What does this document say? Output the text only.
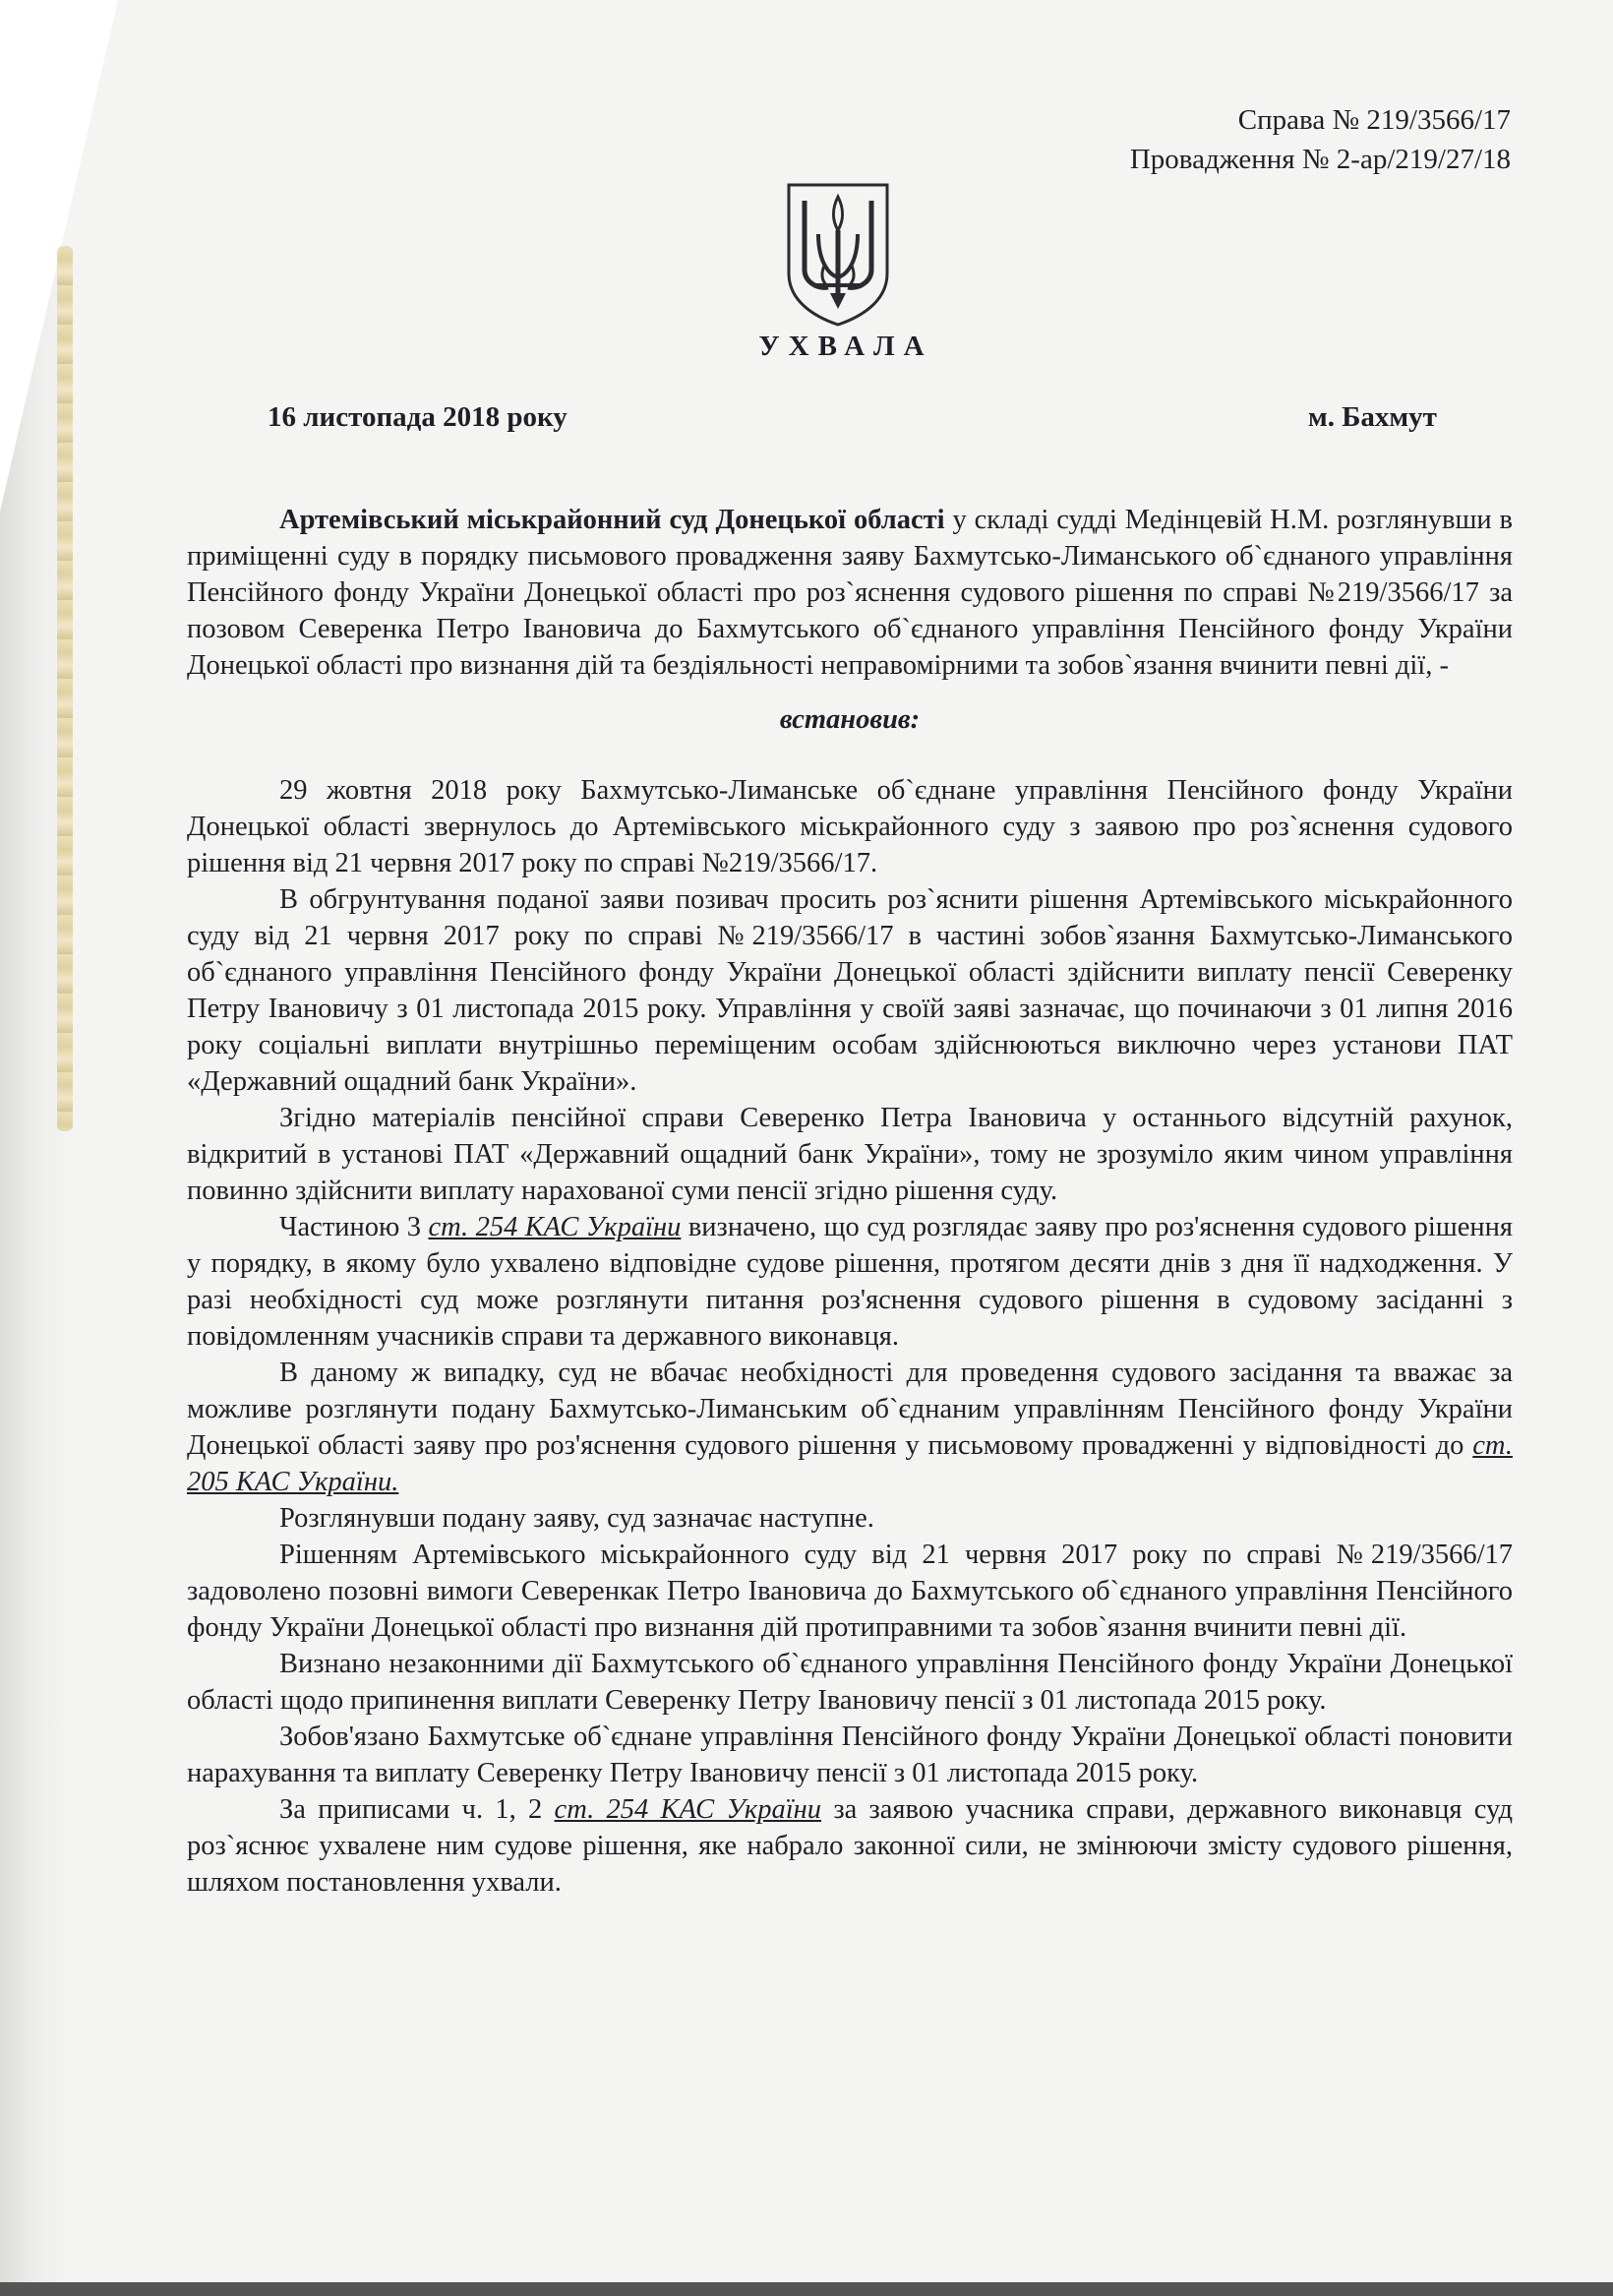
Справа № 219/3566/17
Провадження № 2-ар/219/27/18
УХВАЛА
16 листопада 2018 року	м. Бахмут

Артемівський міськрайонний суд Донецької області у складі судді Медінцевій Н.М. розглянувши в приміщенні суду в порядку письмового провадження заяву Бахмутсько-Лиманського об`єднаного управління Пенсійного фонду України Донецької області про роз`яснення судового рішення по справі №219/3566/17 за позовом Северенка Петро Івановича до Бахмутського об`єднаного управління Пенсійного фонду України Донецької області про визнання дій та бездіяльності неправомірними та зобов`язання вчинити певні дії, -

встановив:

29 жовтня 2018 року Бахмутсько-Лиманське об`єднане управління Пенсійного фонду України Донецької області звернулось до Артемівського міськрайонного суду з заявою про роз`яснення судового рішення від 21 червня 2017 року по справі №219/3566/17.

В обгрунтування поданої заяви позивач просить роз`яснити рішення Артемівського міськрайонного суду від 21 червня 2017 року по справі №219/3566/17 в частині зобов`язання Бахмутсько-Лиманського об`єднаного управління Пенсійного фонду України Донецької області здійснити виплату пенсії Северенку Петру Івановичу з 01 листопада 2015 року. Управління у своїй заяві зазначає, що починаючи з 01 липня 2016 року соціальні виплати внутрішньо переміщеним особам здійснюються виключно через установи ПАТ «Державний ощадний банк України».

Згідно матеріалів пенсійної справи Северенко Петра Івановича у останнього відсутній рахунок, відкритий в установі ПАТ «Державний ощадний банк України», тому не зрозуміло яким чином управління повинно здійснити виплату нарахованої суми пенсії згідно рішення суду.

Частиною 3 ст. 254 КАС України визначено, що суд розглядає заяву про роз'яснення судового рішення у порядку, в якому було ухвалено відповідне судове рішення, протягом десяти днів з дня її надходження. У разі необхідності суд може розглянути питання роз'яснення судового рішення в судовому засіданні з повідомленням учасників справи та державного виконавця.

В даному ж випадку, суд не вбачає необхідності для проведення судового засідання та вважає за можливе розглянути подану Бахмутсько-Лиманським об`єднаним управлінням Пенсійного фонду України Донецької області заяву про роз'яснення судового рішення у письмовому провадженні у відповідності до ст. 205 КАС України.

Розглянувши подану заяву, суд зазначає наступне.

Рішенням Артемівського міськрайонного суду від 21 червня 2017 року по справі №219/3566/17 задоволено позовні вимоги Северенкак Петро Івановича до Бахмутського об`єднаного управління Пенсійного фонду України Донецької області про визнання дій протиправними та зобов`язання вчинити певні дії.

Визнано незаконними дії Бахмутського об`єднаного управління Пенсійного фонду України Донецької області щодо припинення виплати Северенку Петру Івановичу пенсії з 01 листопада 2015 року.

Зобов'язано Бахмутське об`єднане управління Пенсійного фонду України Донецької області поновити нарахування та виплату Северенку Петру Івановичу пенсії з 01 листопада 2015 року.

За приписами ч. 1, 2 ст. 254 КАС України за заявою учасника справи, державного виконавця суд роз`яснює ухвалене ним судове рішення, яке набрало законної сили, не змінюючи змісту судового рішення, шляхом постановлення ухвали.
